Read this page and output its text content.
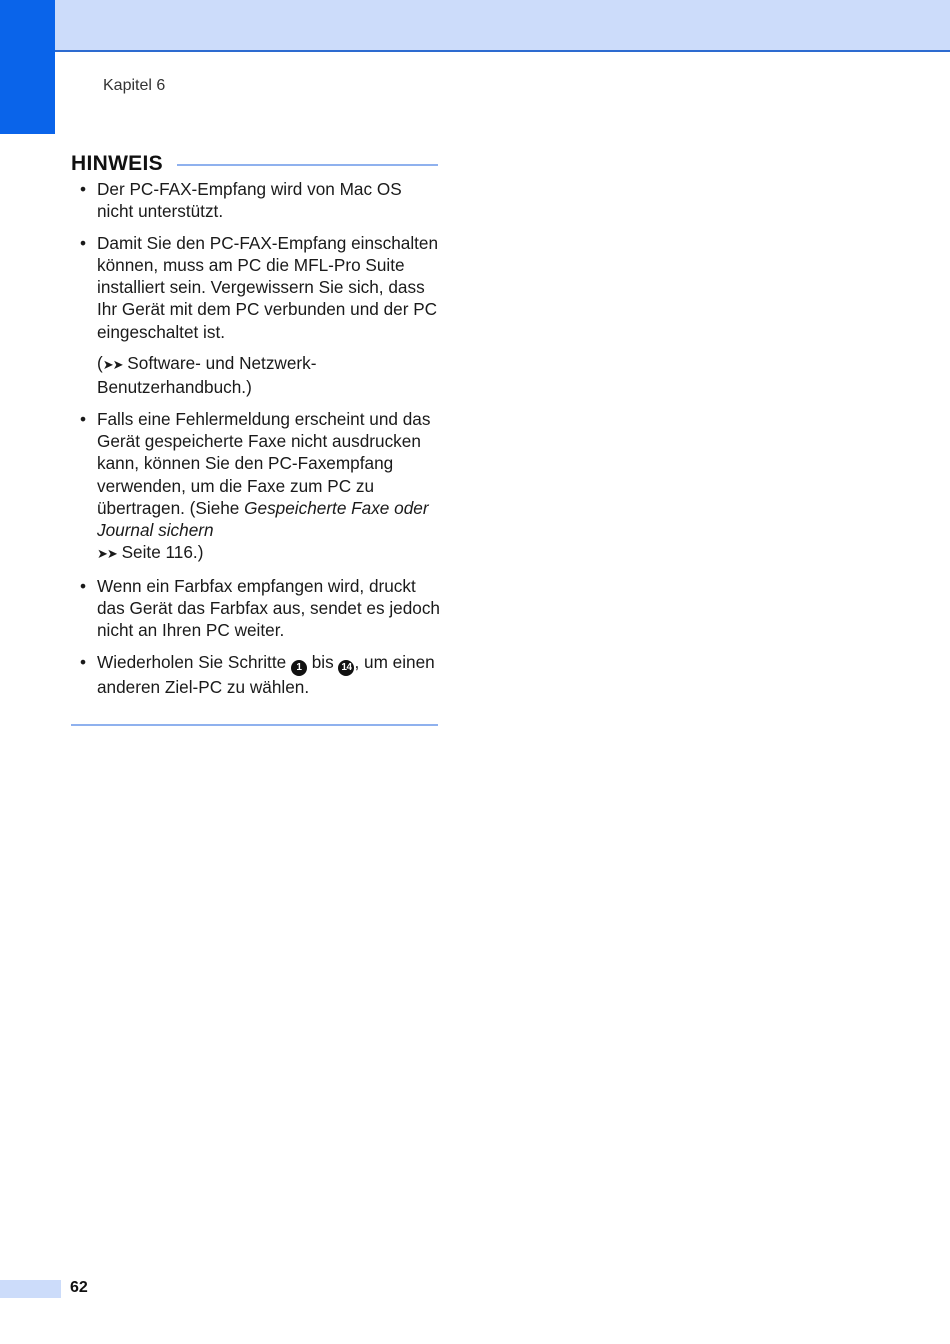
Kapitel 6
HINWEIS
• Der PC-FAX-Empfang wird von Mac OS nicht unterstützt.
• Damit Sie den PC-FAX-Empfang einschalten können, muss am PC die MFL-Pro Suite installiert sein. Vergewissern Sie sich, dass Ihr Gerät mit dem PC verbunden und der PC eingeschaltet ist.
(➤➤ Software- und Netzwerk-Benutzerhandbuch.)
• Falls eine Fehlermeldung erscheint und das Gerät gespeicherte Faxe nicht ausdrucken kann, können Sie den PC-Faxempfang verwenden, um die Faxe zum PC zu übertragen. (Siehe Gespeicherte Faxe oder Journal sichern
➤➤ Seite 116.)
• Wenn ein Farbfax empfangen wird, druckt das Gerät das Farbfax aus, sendet es jedoch nicht an Ihren PC weiter.
• Wiederholen Sie Schritte 1 bis 14 , um einen anderen Ziel-PC zu wählen.
62
